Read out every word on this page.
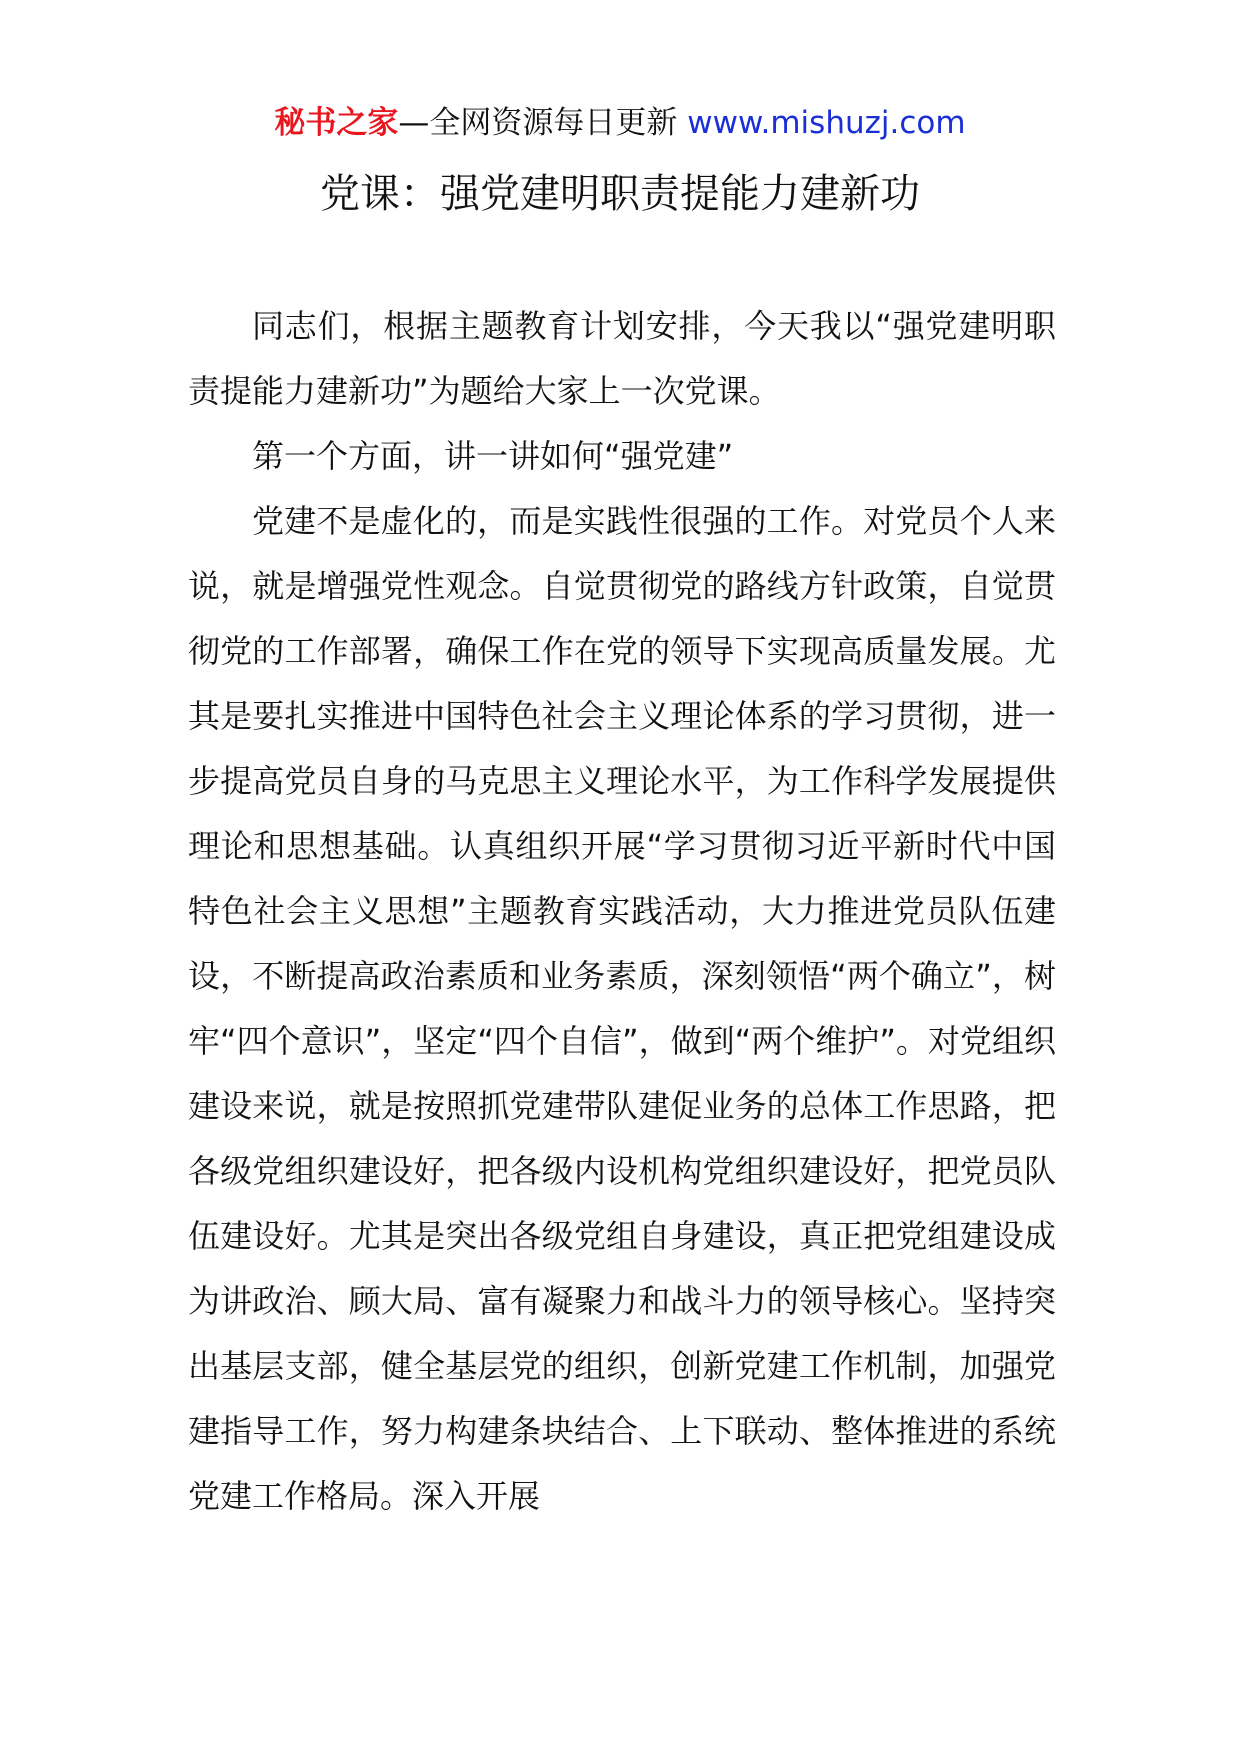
秘书之家—全网资源每日更新 www.mishuzj.com
党课：强党建明职责提能力建新功

同志们，根据主题教育计划安排，今天我以“强党建明职责提能力建新功”为题给大家上一次党课。

第一个方面，讲一讲如何“强党建”

党建不是虚化的，而是实践性很强的工作。对党员个人来说，就是增强党性观念。自觉贯彻党的路线方针政策，自觉贯彻党的工作部署，确保工作在党的领导下实现高质量发展。尤其是要扎实推进中国特色社会主义理论体系的学习贯彻，进一步提高党员自身的马克思主义理论水平，为工作科学发展提供理论和思想基础。认真组织开展“学习贯彻习近平新时代中国特色社会主义思想”主题教育实践活动，大力推进党员队伍建设，不断提高政治素质和业务素质，深刻领悟“两个确立”，树牢“四个意识”，坚定“四个自信”，做到“两个维护”。对党组织建设来说，就是按照抓党建带队建促业务的总体工作思路，把各级党组织建设好，把各级内设机构党组织建设好，把党员队伍建设好。尤其是突出各级党组自身建设，真正把党组建设成为讲政治、顾大局、富有凝聚力和战斗力的领导核心。坚持突出基层支部，健全基层党的组织，创新党建工作机制，加强党建指导工作，努力构建条块结合、上下联动、整体推进的系统党建工作格局。深入开展
